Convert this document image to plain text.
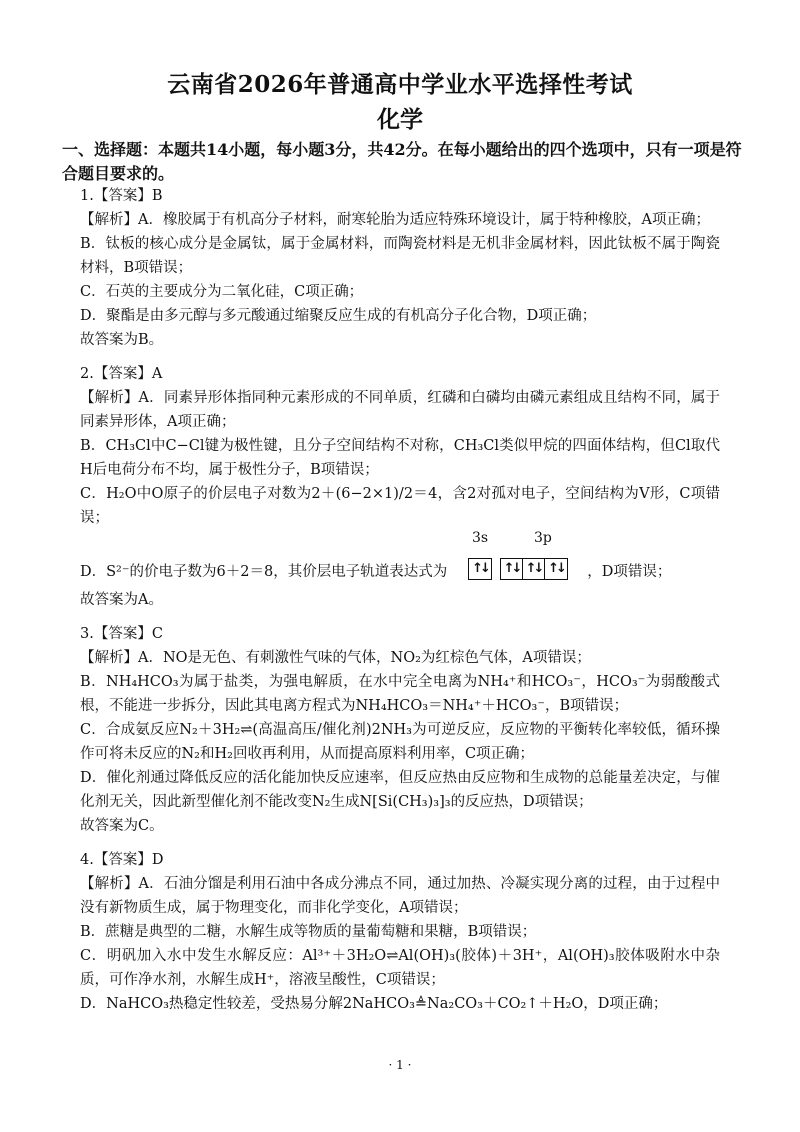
云南省2026年普通高中学业水平选择性考试
化学
一、选择题：本题共14小题，每小题3分，共42分。在每小题给出的四个选项中，只有一项是符合题目要求的。
1.【答案】B
【解析】A．橡胶属于有机高分子材料，耐寒轮胎为适应特殊环境设计，属于特种橡胶，A项正确；
B．钛板的核心成分是金属钛，属于金属材料，而陶瓷材料是无机非金属材料，因此钛板不属于陶瓷材料，B项错误；
C．石英的主要成分为二氧化硅，C项正确；
D．聚酯是由多元醇与多元酸通过缩聚反应生成的有机高分子化合物，D项正确；
故答案为B。
2.【答案】A
【解析】A．同素异形体指同种元素形成的不同单质，红磷和白磷均由磷元素组成且结构不同，属于同素异形体，A项正确；
B．CH₃Cl中C−Cl键为极性键，且分子空间结构不对称，CH₃Cl类似甲烷的四面体结构，但Cl取代H后电荷分布不均，属于极性分子，B项错误；
C．H₂O中O原子的价层电子对数为2＋(6−2×1)/2＝4，含2对孤对电子，空间结构为V形，C项错误；
D．S²⁻的价电子数为6＋2＝8，其价层电子轨道表达式为	，D项错误；
3s	3p
↑↓ ↑↓ ↑↓ ↑↓
故答案为A。
3.【答案】C
【解析】A．NO是无色、有刺激性气味的气体，NO₂为红棕色气体，A项错误；
B．NH₄HCO₃为属于盐类，为强电解质，在水中完全电离为NH₄⁺和HCO₃⁻，HCO₃⁻为弱酸酸式根，不能进一步拆分，因此其电离方程式为NH₄HCO₃＝NH₄⁺＋HCO₃⁻，B项错误；
C．合成氨反应N₂＋3H₂⇌(高温高压/催化剂)2NH₃为可逆反应，反应物的平衡转化率较低，循环操作可将未反应的N₂和H₂回收再利用，从而提高原料利用率，C项正确；
D．催化剂通过降低反应的活化能加快反应速率，但反应热由反应物和生成物的总能量差决定，与催化剂无关，因此新型催化剂不能改变N₂生成N[Si(CH₃)₃]₃的反应热，D项错误；
故答案为C。
4.【答案】D
【解析】A．石油分馏是利用石油中各成分沸点不同，通过加热、冷凝实现分离的过程，由于过程中没有新物质生成，属于物理变化，而非化学变化，A项错误；
B．蔗糖是典型的二糖，水解生成等物质的量葡萄糖和果糖，B项错误；
C．明矾加入水中发生水解反应：Al³⁺＋3H₂O⇌Al(OH)₃(胶体)＋3H⁺，Al(OH)₃胶体吸附水中杂质，可作净水剂，水解生成H⁺，溶液呈酸性，C项错误；
D．NaHCO₃热稳定性较差，受热易分解2NaHCO₃≜Na₂CO₃＋CO₂↑＋H₂O，D项正确；
· 1 ·
